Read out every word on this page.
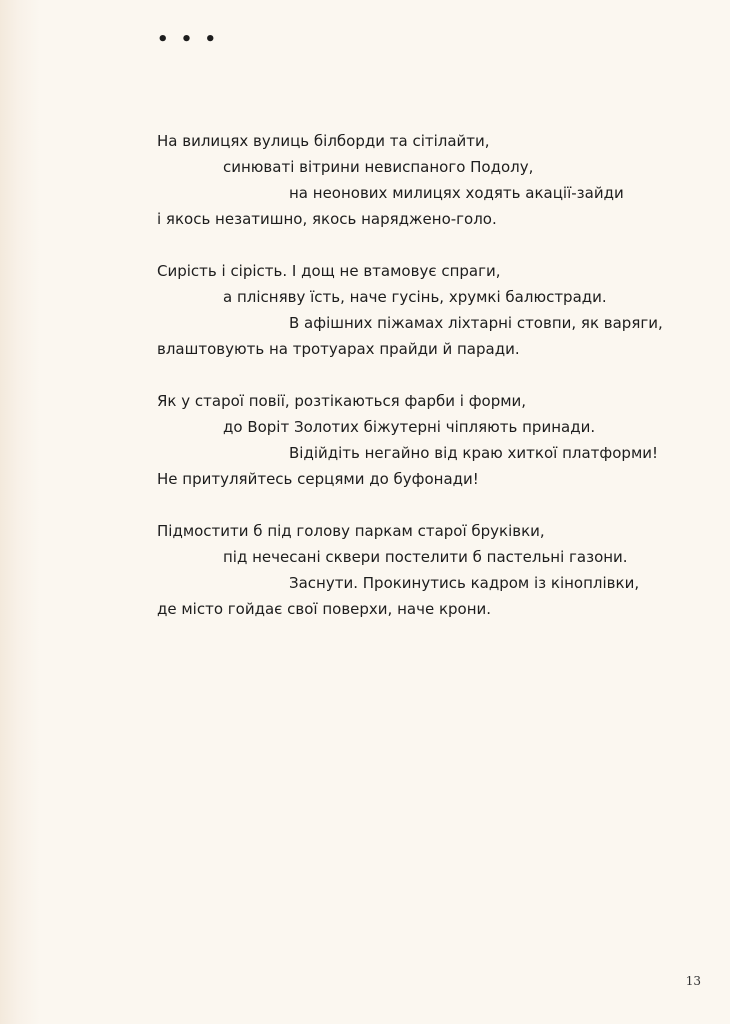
• • •
На вилицях вулиць білборди та сітілайти,
синюваті вітрини невиспаного Подолу,
на неонових милицях ходять акації-зайди
і якось незатишно, якось наряджено-голо.
Сирість і сірість. І дощ не втамовує спраги,
а плісняву їсть, наче гусінь, хрумкі балюстради.
В афішних піжамах ліхтарні стовпи, як варяги,
влаштовують на тротуарах прайди й паради.
Як у старої повії, розтікаються фарби і форми,
до Воріт Золотих біжутерні чіпляють принади.
Відійдіть негайно від краю хиткої платформи!
Не притуляйтесь серцями до буфонади!
Підмостити б під голову паркам старої бруківки,
під нечесані сквери постелити б пастельні газони.
Заснути. Прокинутись кадром із кіноплівки,
де місто гойдає свої поверхи, наче крони.
13
